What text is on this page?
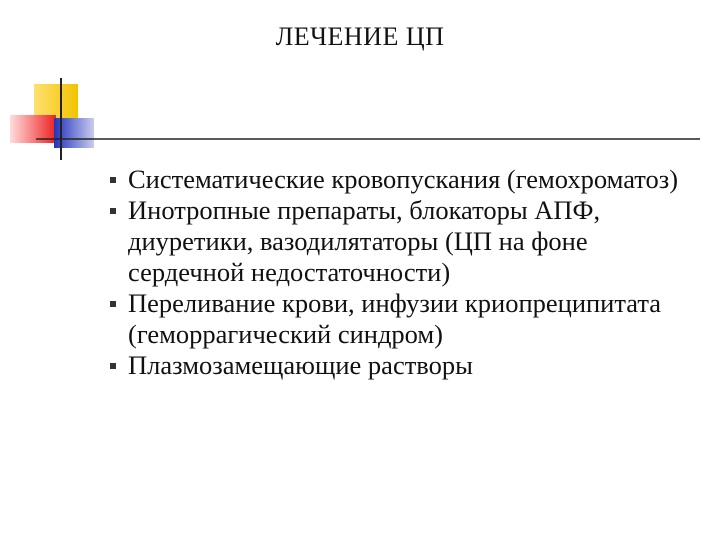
ЛЕЧЕНИЕ ЦП
Систематические кровопускания (гемохроматоз)
Инотропные препараты, блокаторы АПФ, диуретики, вазодилятаторы (ЦП на фоне сердечной недостаточности)
Переливание крови, инфузии криопреципитата (геморрагический синдром)
Плазмозамещающие растворы
